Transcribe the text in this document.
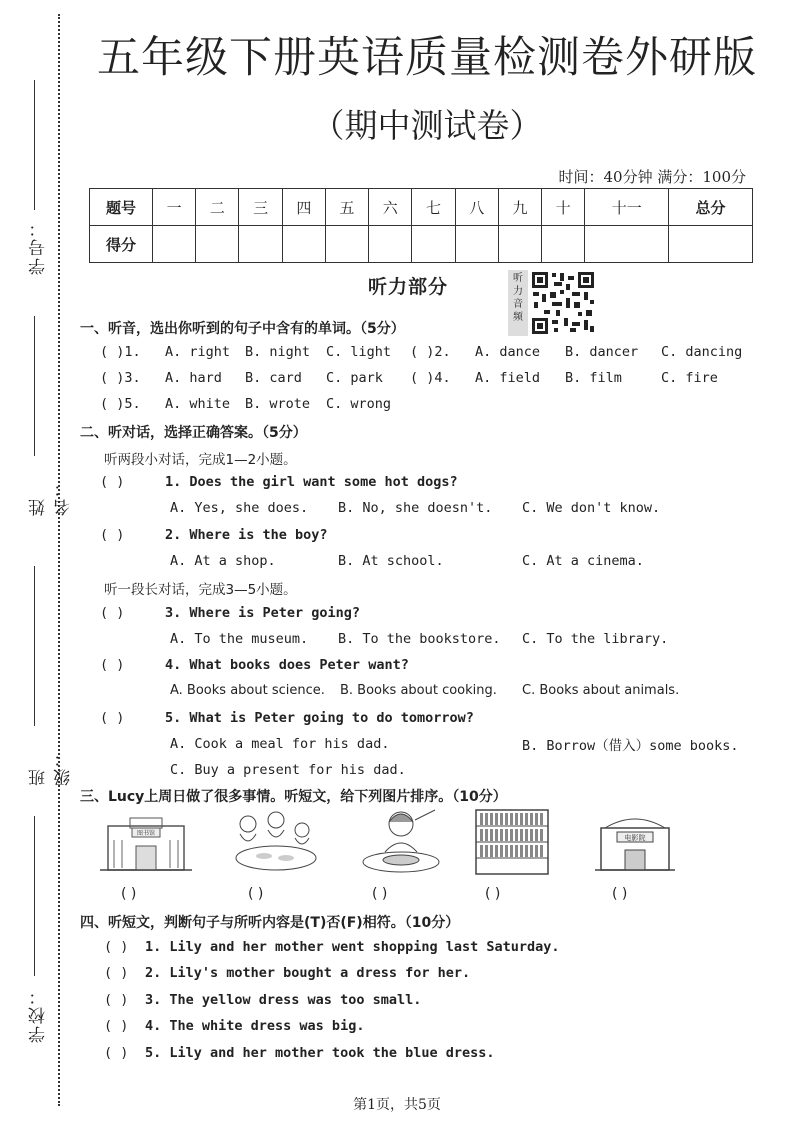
学号：
姓名：
班级：
学校：
五年级下册英语质量检测卷外研版
（期中测试卷）
时间：40分钟 满分：100分
题号	一	二	三	四	五	六	七	八	九	十	十一	总分
得分												
听力部分	听
力
音
频
一、听音，选出你听到的句子中含有的单词。（5分）
( )1. A. right B. night C. light ( )2. A. dance B. dancer C. dancing
( )3. A. hard B. card C. park ( )4. A. field B. film	C. fire
( )5. A. white B. wrote C. wrong
二、听对话，选择正确答案。（5分）
听两段小对话，完成1—2小题。
( )	1. Does the girl want some hot dogs?
A. Yes, she does. B. No, she doesn't. C. We don't know.
( )	2. Where is the boy?
A. At a shop.	B. At school.	C. At a cinema.
听一段长对话，完成3—5小题。
( )	3. Where is Peter going?
A. To the museum. B. To the bookstore. C. To the library.
( )	4. What books does Peter want?
A. Books about science. B. Books about cooking. C. Books about animals.
( )	5. What is Peter going to do tomorrow?
A. Cook a meal for his dad.	B. Borrow（借入）some books.
C. Buy a present for his dad.
三、Lucy上周日做了很多事情。听短文，给下列图片排序。（10分）
图书馆
电影院
( )	( )	( )	( )	( )
四、听短文，判断句子与所听内容是(T)否(F)相符。（10分）
( ) 1. Lily and her mother went shopping last Saturday.
( ) 2. Lily's mother bought a dress for her.
( ) 3. The yellow dress was too small.
( ) 4. The white dress was big.
( ) 5. Lily and her mother took the blue dress.
第1页，共5页
